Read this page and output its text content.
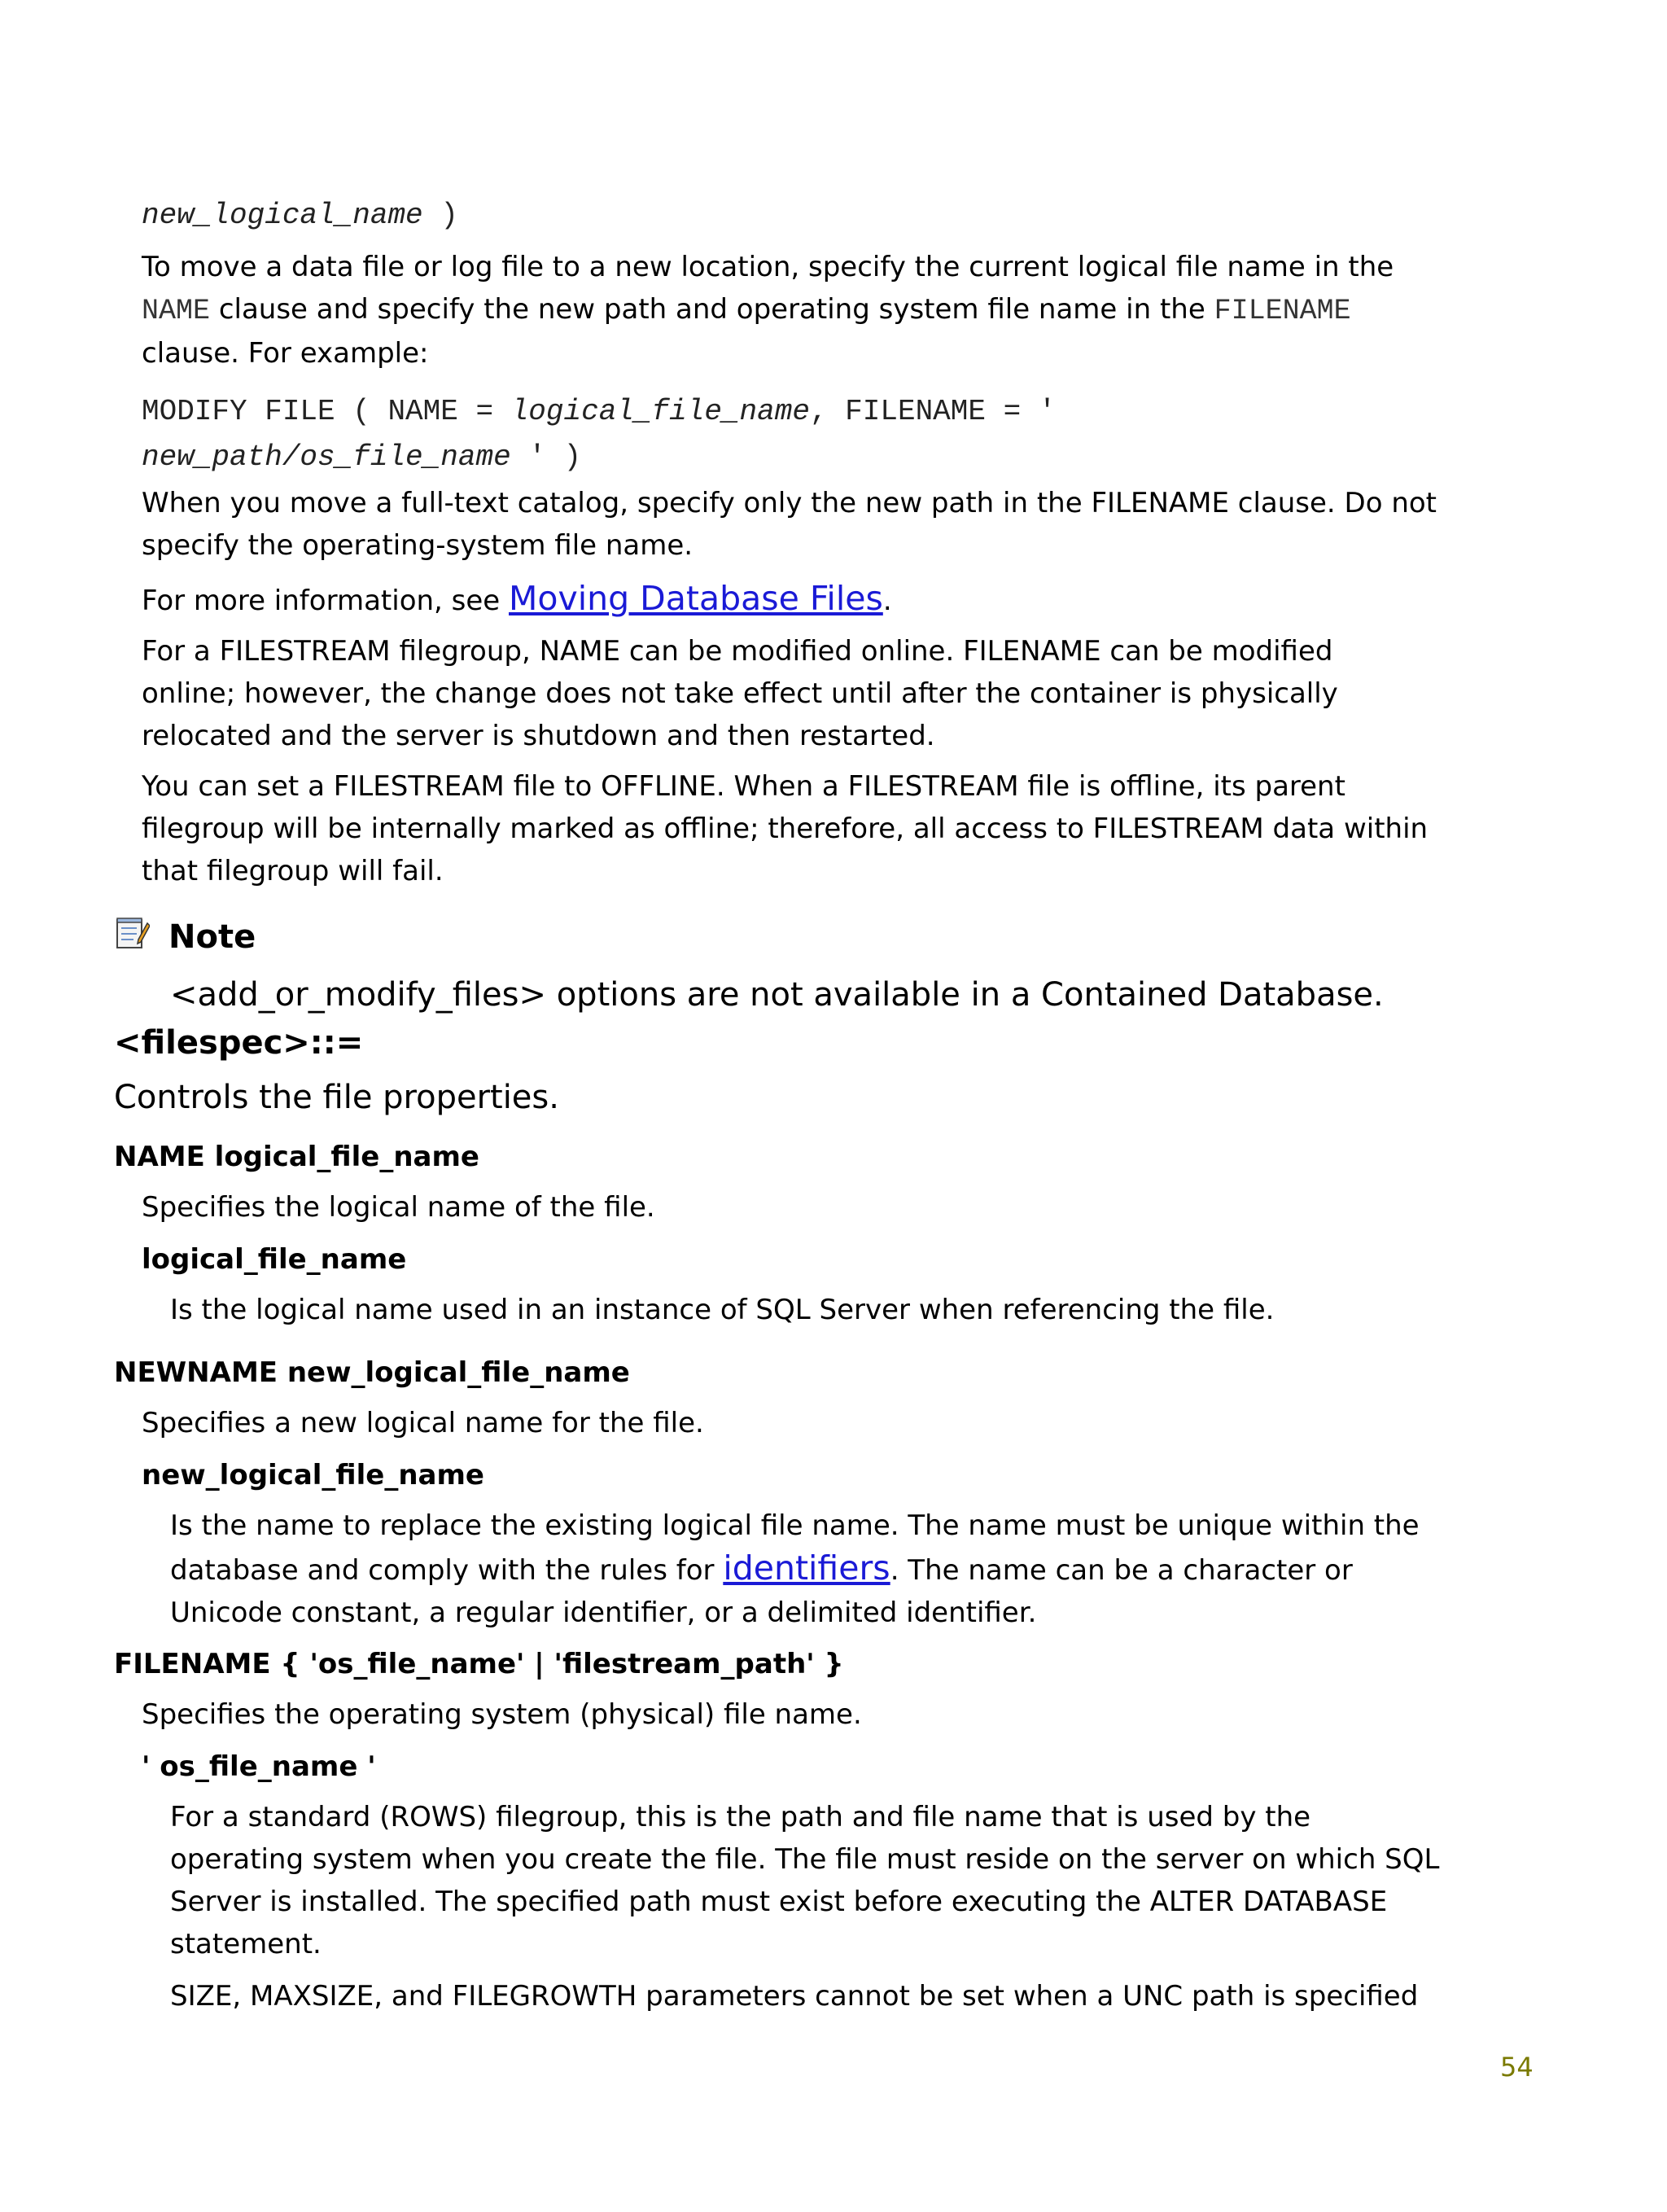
new_logical_name )
To move a data file or log file to a new location, specify the current logical file name in the
NAME clause and specify the new path and operating system file name in the FILENAME
clause. For example:
MODIFY FILE ( NAME = logical_file_name, FILENAME = '
new_path/os_file_name ' )
When you move a full-text catalog, specify only the new path in the FILENAME clause. Do not
specify the operating-system file name.
For more information, see Moving Database Files.
For a FILESTREAM filegroup, NAME can be modified online. FILENAME can be modified
online; however, the change does not take effect until after the container is physically
relocated and the server is shutdown and then restarted.
You can set a FILESTREAM file to OFFLINE. When a FILESTREAM file is offline, its parent
filegroup will be internally marked as offline; therefore, all access to FILESTREAM data within
that filegroup will fail.
Note
<add_or_modify_files> options are not available in a Contained Database.
<filespec>::=
Controls the file properties.
NAME logical_file_name
Specifies the logical name of the file.
logical_file_name
Is the logical name used in an instance of SQL Server when referencing the file.
NEWNAME new_logical_file_name
Specifies a new logical name for the file.
new_logical_file_name
Is the name to replace the existing logical file name. The name must be unique within the
database and comply with the rules for identifiers. The name can be a character or
Unicode constant, a regular identifier, or a delimited identifier.
FILENAME { 'os_file_name' | 'filestream_path' }
Specifies the operating system (physical) file name.
' os_file_name '
For a standard (ROWS) filegroup, this is the path and file name that is used by the
operating system when you create the file. The file must reside on the server on which SQL
Server is installed. The specified path must exist before executing the ALTER DATABASE
statement.
SIZE, MAXSIZE, and FILEGROWTH parameters cannot be set when a UNC path is specified
54
